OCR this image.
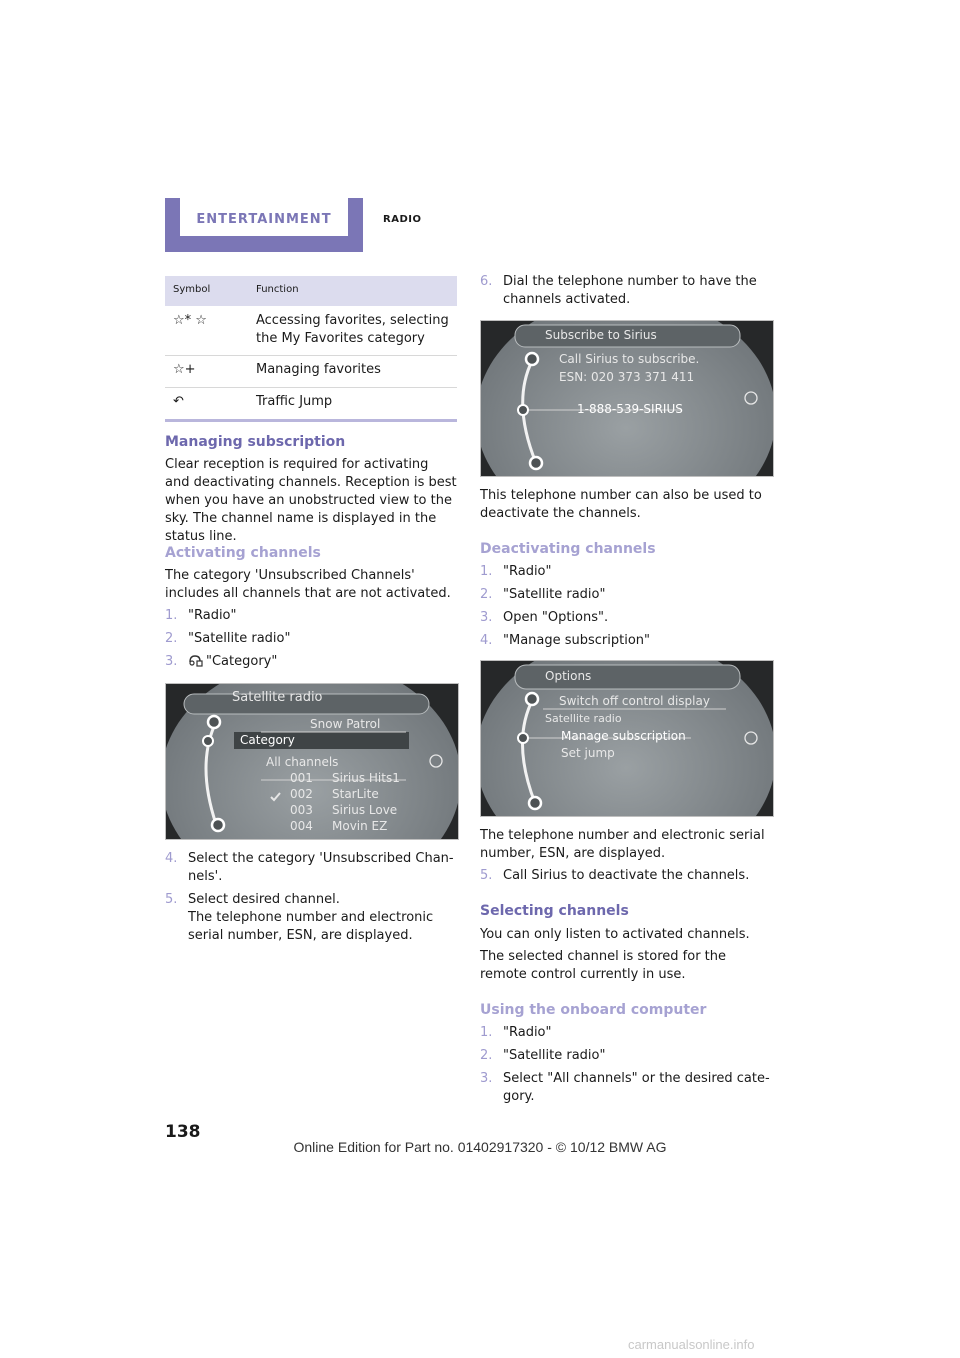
ENTERTAINMENT	RADIO
Symbol	Function
☆* ☆	Accessing favorites, selecting the My Favorites category
☆+	Managing favorites
↶	Traffic Jump
Managing subscription

Clear reception is required for activating and deactivating channels. Reception is best when you have an unobstructed view to the sky. The channel name is displayed in the status line.

Activating channels

The category 'Unsubscribed Channels' includes all channels that are not activated.

1. "Radio"
2. "Satellite radio"
3. "Category"
Satellite radio
Snow Patrol
Category
All channels
001 Sirius Hits1
002 StarLite
003 Sirius Love
004 Movin EZ
4. Select the category 'Unsubscribed Chan-nels'.
5. Select desired channel.
The telephone number and electronic serial number, ESN, are displayed.
6. Dial the telephone number to have the channels activated.
Subscribe to Sirius
Call Sirius to subscribe.
ESN: 020 373 371 411
1-888-539-SIRIUS

This telephone number can also be used to deactivate the channels.

Deactivating channels
1. "Radio"
2. "Satellite radio"
3. Open "Options".
4. "Manage subscription"
Options
Switch off control display
Satellite radio
Manage subscription
Set jump

The telephone number and electronic serial number, ESN, are displayed.

5. Call Sirius to deactivate the channels.
Selecting channels

You can only listen to activated channels.

The selected channel is stored for the remote control currently in use.

Using the onboard computer
1. "Radio"
2. "Satellite radio"
3. Select "All channels" or the desired cate-gory.
138
Online Edition for Part no. 01402917320 - © 10/12 BMW AG
carmanualsonline.info
